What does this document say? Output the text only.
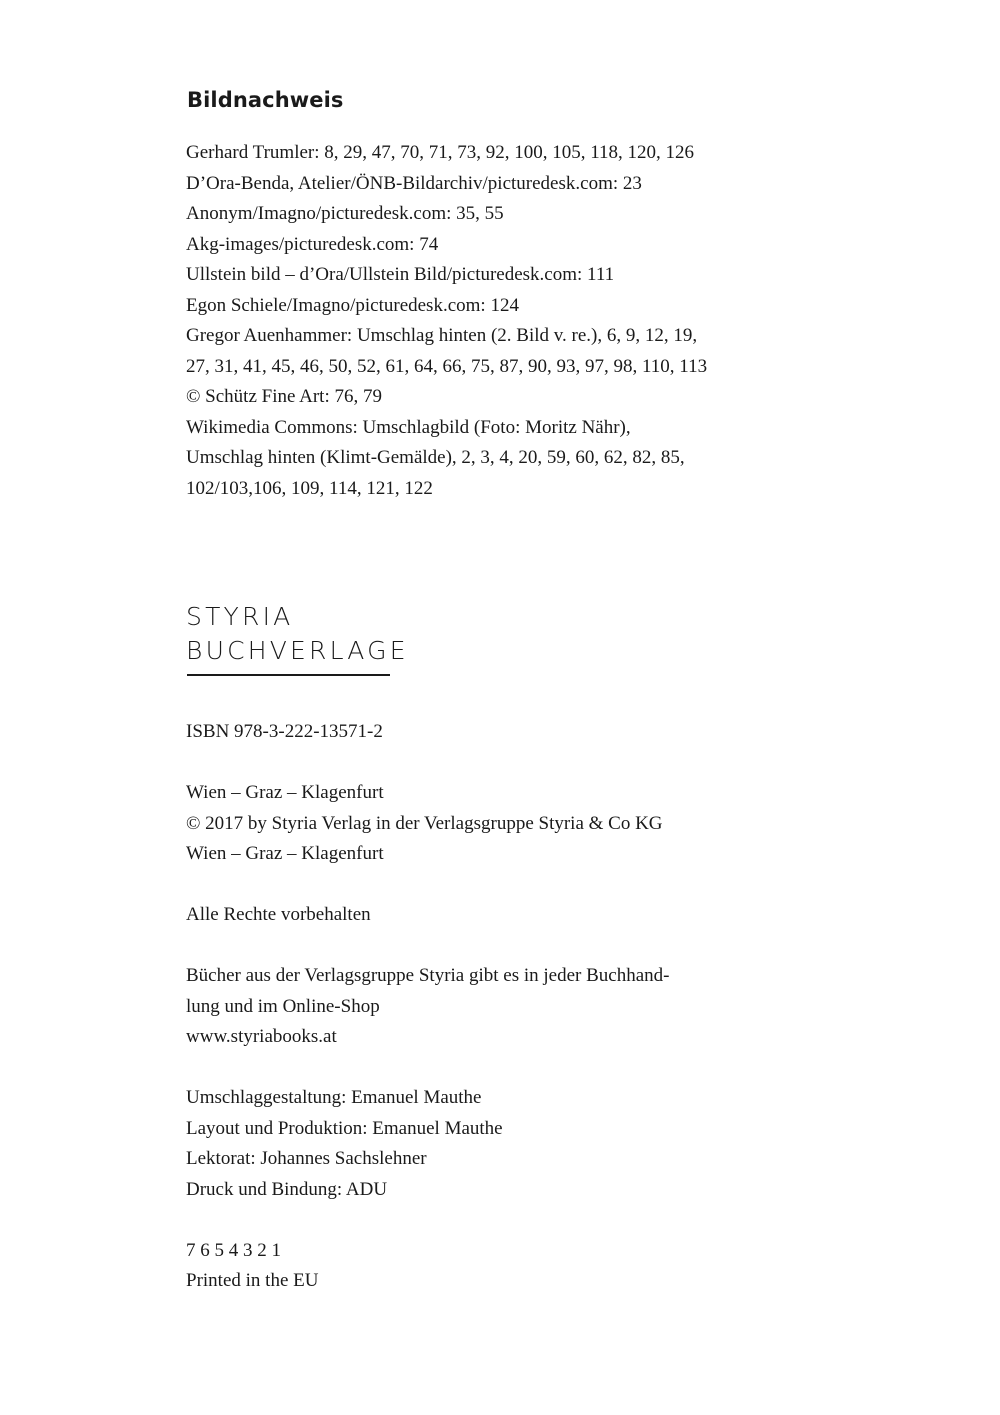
Bildnachweis
Gerhard Trumler: 8, 29, 47, 70, 71, 73, 92, 100, 105, 118, 120, 126
D’Ora-Benda, Atelier/ÖNB-Bildarchiv/picturedesk.com: 23
Anonym/Imagno/picturedesk.com: 35, 55
Akg-images/picturedesk.com: 74
Ullstein bild – d’Ora/Ullstein Bild/picturedesk.com: 111
Egon Schiele/Imagno/picturedesk.com: 124
Gregor Auenhammer: Umschlag hinten (2. Bild v. re.), 6, 9, 12, 19,
27, 31, 41, 45, 46, 50, 52, 61, 64, 66, 75, 87, 90, 93, 97, 98, 110, 113
© Schütz Fine Art: 76, 79
Wikimedia Commons: Umschlagbild (Foto: Moritz Nähr),
Umschlag hinten (Klimt-Gemälde), 2, 3, 4, 20, 59, 60, 62, 82, 85,
102/103,106, 109, 114, 121, 122
STYRIA
BUCHVERLAGE
ISBN 978-3-222-13571-2
Wien – Graz – Klagenfurt
© 2017 by Styria Verlag in der Verlagsgruppe Styria & Co KG
Wien – Graz – Klagenfurt
Alle Rechte vorbehalten
Bücher aus der Verlagsgruppe Styria gibt es in jeder Buchhand-
lung und im Online-Shop
www.styriabooks.at
Umschlaggestaltung: Emanuel Mauthe
Layout und Produktion: Emanuel Mauthe
Lektorat: Johannes Sachslehner
Druck und Bindung: ADU
7 6 5 4 3 2 1
Printed in the EU
